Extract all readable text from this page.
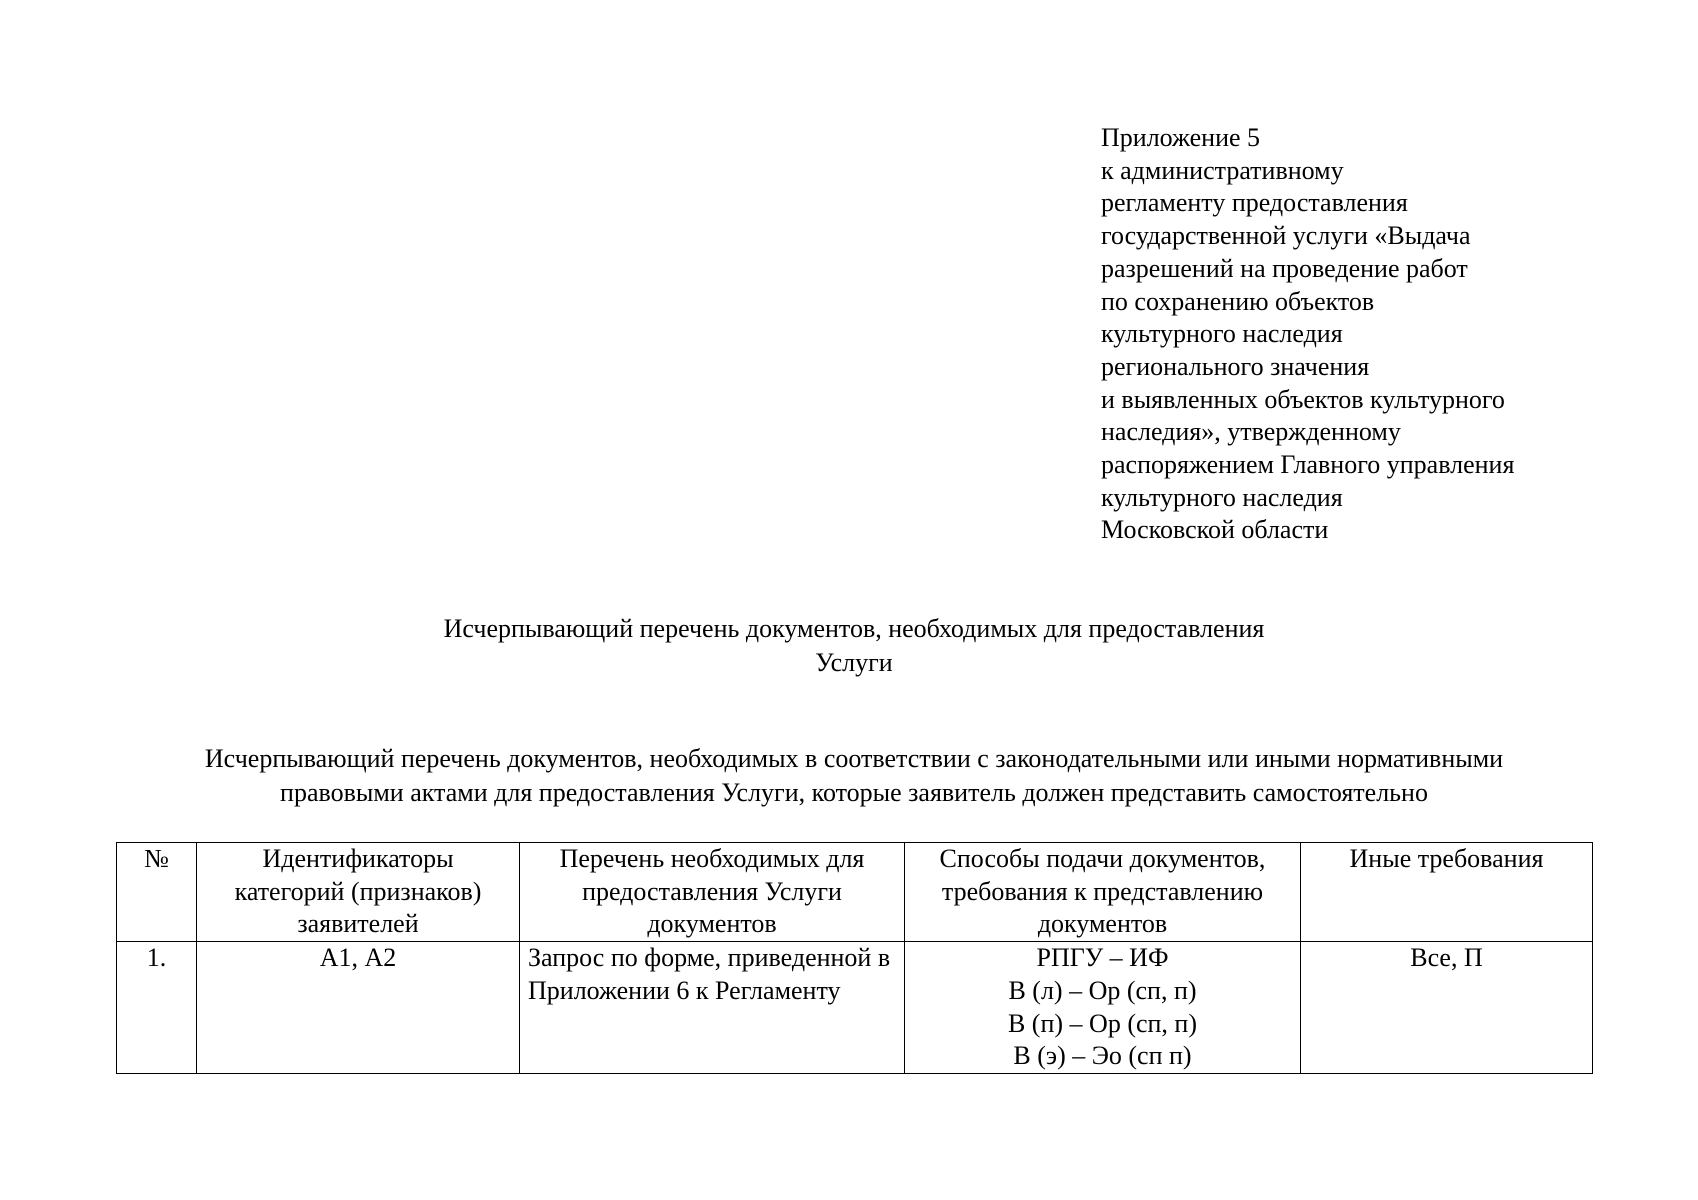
Приложение 5
к административному
регламенту предоставления
государственной услуги «Выдача
разрешений на проведение работ
по сохранению объектов
культурного наследия
регионального значения
и выявленных объектов культурного
наследия», утвержденному
распоряжением Главного управления
культурного наследия
Московской области
Исчерпывающий перечень документов, необходимых для предоставления
Услуги
Исчерпывающий перечень документов, необходимых в соответствии с законодательными или иными нормативными
правовыми актами для предоставления Услуги, которые заявитель должен представить самостоятельно
№	Идентификаторы категорий (признаков) заявителей	Перечень необходимых для предоставления Услуги документов	Способы подачи документов, требования к представлению документов	Иные требования
1.	А1, А2	Запрос по форме, приведенной в Приложении 6 к Регламенту	РПГУ – ИФ
В (л) – Ор (сп, п)
В (п) – Ор (сп, п)
В (э) – Эо (сп п)	Все, П
